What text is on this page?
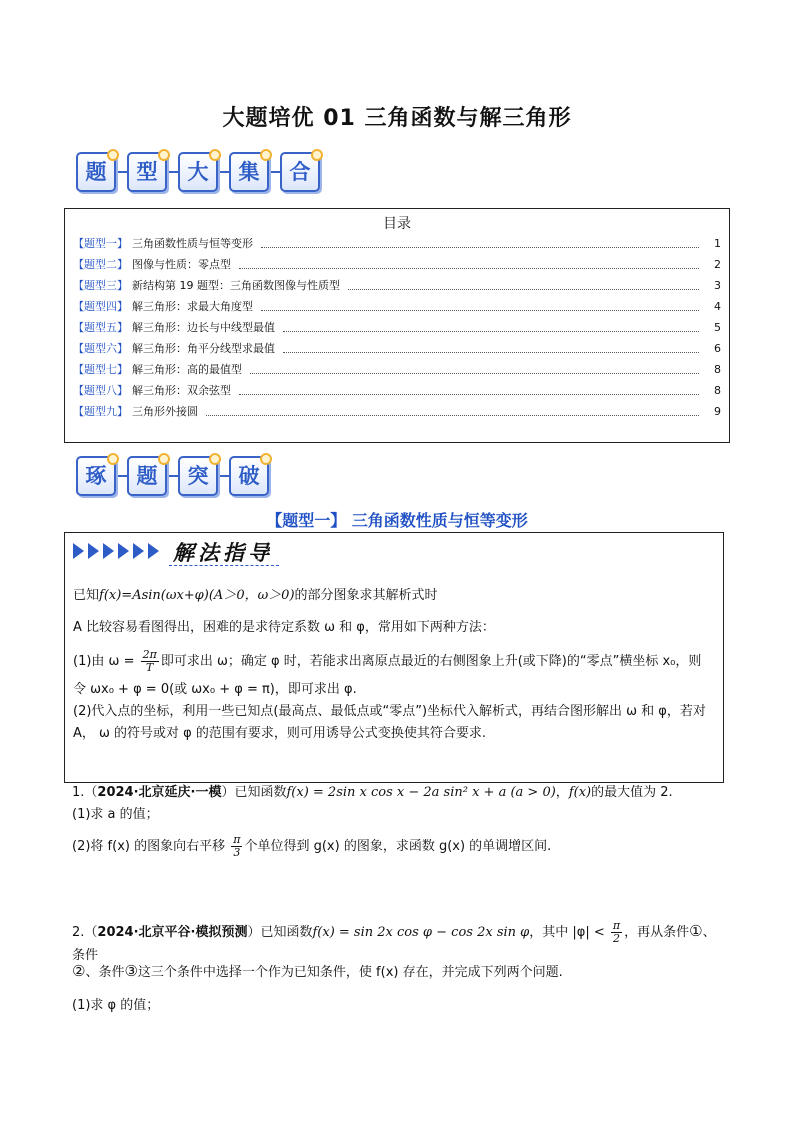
大题培优 01 三角函数与解三角形
题	型	大	集	合
目录
【题型一】 三角函数性质与恒等变形	1
【题型二】 图像与性质：零点型	2
【题型三】 新结构第 19 题型：三角函数图像与性质型	3
【题型四】 解三角形：求最大角度型	4
【题型五】 解三角形：边长与中线型最值	5
【题型六】 解三角形：角平分线型求最值	6
【题型七】 解三角形：高的最值型	8
【题型八】 解三角形：双余弦型	8
【题型九】 三角形外接圆	9
琢	题	突	破
【题型一】 三角函数性质与恒等变形
解法指导
已知f(x)=Asin(ωx+φ)(A＞0，ω＞0)的部分图象求其解析式时
A 比较容易看图得出，困难的是求待定系数 ω 和 φ，常用如下两种方法：
(1)由 $\omega = \frac{2\pi}{T}$ 即可求出 ω；确定 φ 时，若能求出离原点最近的右侧图象上升(或下降)的“零点”横坐标 x₀，则
令 ωx₀ + φ = 0(或 ωx₀ + φ = π)，即可求出 φ.
(2)代入点的坐标，利用一些已知点(最高点、最低点或“零点”)坐标代入解析式，再结合图形解出 ω 和 φ，若对 A， ω 的符号或对 φ 的范围有要求，则可用诱导公式变换使其符合要求.
1.（2024·北京延庆·一模）已知函数f(x) = 2sin x cos x − 2a sin² x + a (a > 0)，f(x)的最大值为 2.
(1)求 a 的值；
(2)将 f(x) 的图象向右平移 $\frac{\pi}{3}$ 个单位得到 g(x) 的图象，求函数 g(x) 的单调增区间.
2.（2024·北京平谷·模拟预测）已知函数f(x) = sin 2x cos φ − cos 2x sin φ，其中 $|\varphi| < \frac{\pi}{2}$ ，再从条件①、条件
②、条件③这三个条件中选择一个作为已知条件，使 f(x) 存在，并完成下列两个问题.
(1)求 φ 的值；
